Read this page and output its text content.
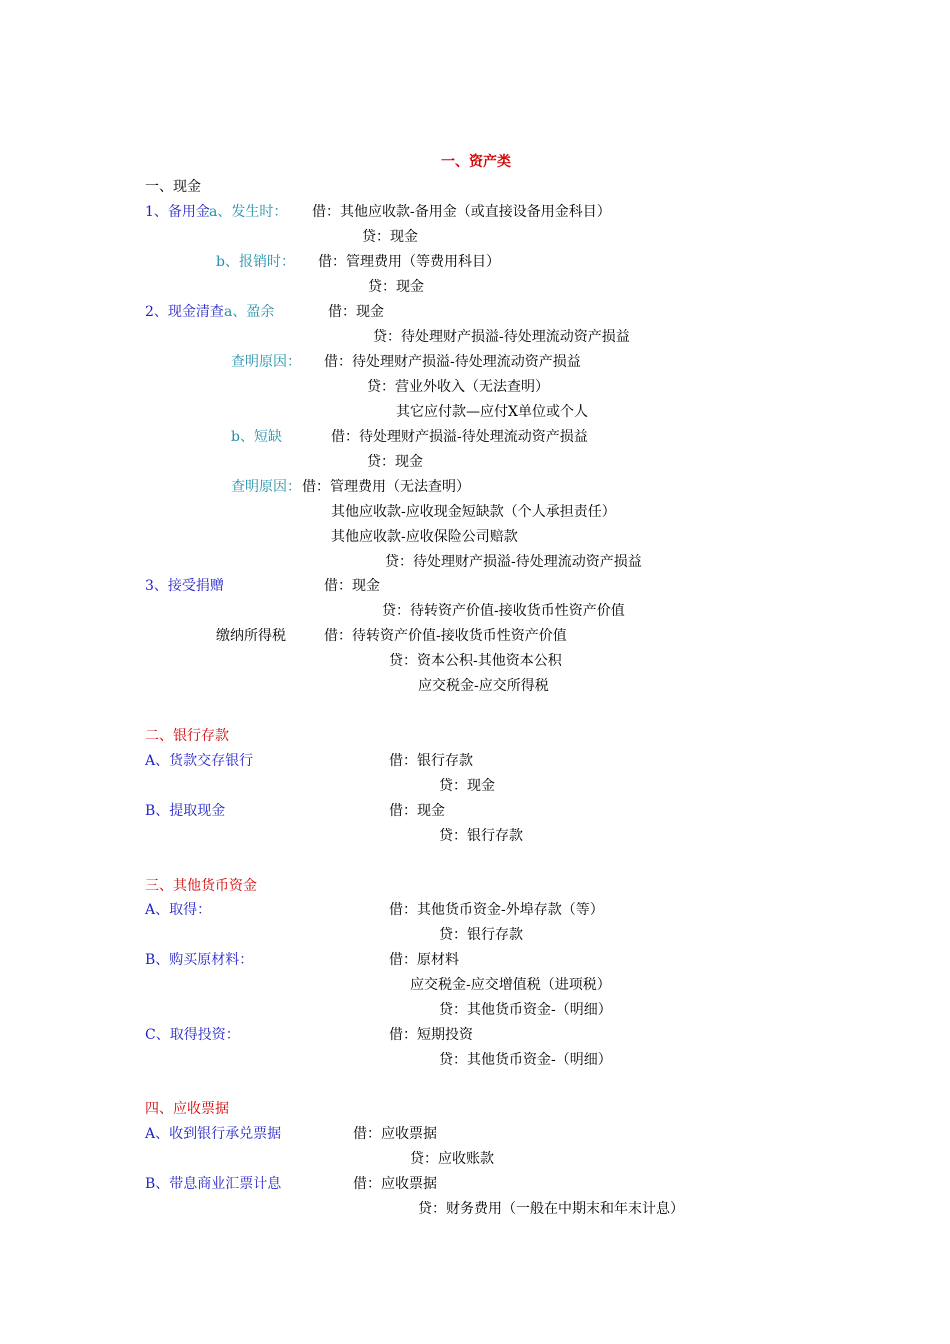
一、资产类
一、现金
1、备用金 a、发生时： 借：其他应收款-备用金（或直接设备用金科目）
贷：现金
b、报销时： 借：管理费用（等费用科目）
贷：现金
2、现金清查 a、盈余	借：现金
贷：待处理财产损溢-待处理流动资产损益
查明原因： 借：待处理财产损溢-待处理流动资产损益
贷：营业外收入（无法查明）
其它应付款—应付X单位或个人
b、短缺	借：待处理财产损溢-待处理流动资产损益
贷：现金
查明原因： 借：管理费用（无法查明）
其他应收款-应收现金短缺款（个人承担责任）
其他应收款-应收保险公司赔款
贷：待处理财产损溢-待处理流动资产损益
3、接受捐赠	借：现金
贷：待转资产价值-接收货币性资产价值
缴纳所得税	借：待转资产价值-接收货币性资产价值
贷：资本公积-其他资本公积
应交税金-应交所得税
二、银行存款
A、货款交存银行	借：银行存款
贷：现金
B、提取现金	借：现金
贷：银行存款
三、其他货币资金
A、取得：	借：其他货币资金-外埠存款（等）
贷：银行存款
B、购买原材料：	借：原材料
应交税金-应交增值税（进项税）
贷：其他货币资金-（明细）
C、取得投资：	借：短期投资
贷：其他货币资金-（明细）
四、应收票据
A、收到银行承兑票据	借：应收票据
贷：应收账款
B、带息商业汇票计息	借：应收票据
贷：财务费用（一般在中期末和年末计息）
